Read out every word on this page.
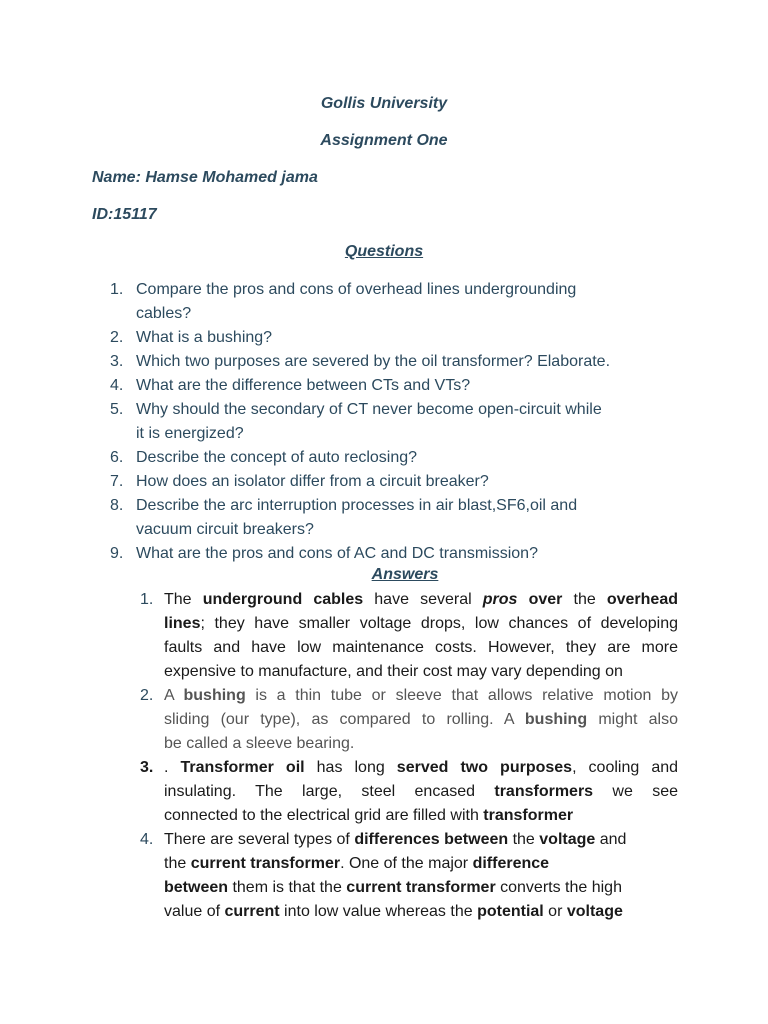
Gollis University
Assignment One
Name: Hamse Mohamed jama
ID:15117
Questions
1. Compare the pros and cons of overhead lines undergrounding
cables?
2. What is a bushing?
3. Which two purposes are severed by the oil transformer? Elaborate.
4. What are the difference between CTs and VTs?
5. Why should the secondary of CT never become open-circuit while
it is energized?
6. Describe the concept of auto reclosing?
7. How does an isolator differ from a circuit breaker?
8. Describe the arc interruption processes in air blast,SF6,oil and
vacuum circuit breakers?
9. What are the pros and cons of AC and DC transmission?
Answers
1. The underground cables have several pros over the overhead
lines; they have smaller voltage drops, low chances of developing
faults and have low maintenance costs. However, they are more
expensive to manufacture, and their cost may vary depending on
2. A bushing is a thin tube or sleeve that allows relative motion by
sliding (our type), as compared to rolling. A bushing might also
be called a sleeve bearing.
3. . Transformer oil has long served two purposes, cooling and
insulating. The large, steel encased transformers we see
connected to the electrical grid are filled with transformer
4. There are several types of differences between the voltage and
the current transformer. One of the major difference
between them is that the current transformer converts the high
value of current into low value whereas the potential or voltage
